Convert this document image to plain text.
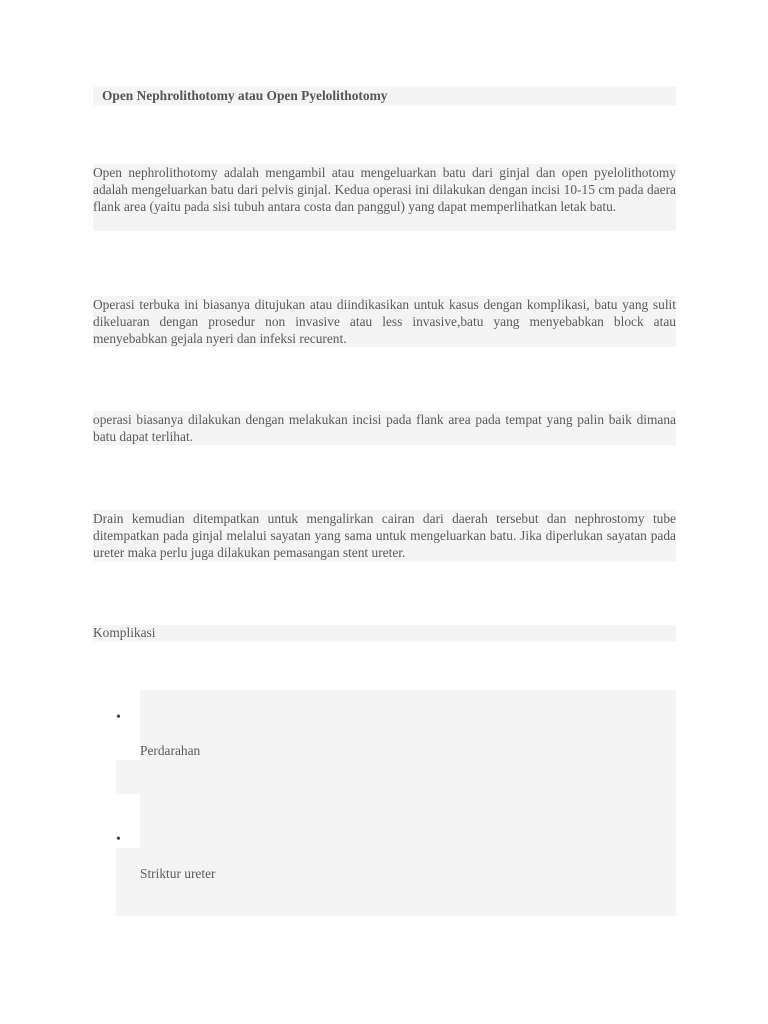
Open Nephrolithotomy atau Open Pyelolithotomy
Open nephrolithotomy adalah mengambil atau mengeluarkan batu dari ginjal dan open pyelolithotomy adalah mengeluarkan batu dari pelvis ginjal. Kedua operasi ini dilakukan dengan incisi 10-15 cm pada daera flank area (yaitu pada sisi tubuh antara costa dan panggul) yang dapat memperlihatkan letak batu.
Operasi terbuka ini biasanya ditujukan atau diindikasikan untuk kasus dengan komplikasi, batu yang sulit dikeluaran dengan prosedur non invasive atau less invasive,batu yang menyebabkan block atau menyebabkan gejala nyeri dan infeksi recurent.
operasi biasanya dilakukan dengan melakukan incisi pada flank area pada tempat yang palin baik dimana batu dapat terlihat.
Drain kemudian ditempatkan untuk mengalirkan cairan dari daerah tersebut dan nephrostomy tube ditempatkan pada ginjal melalui sayatan yang sama untuk mengeluarkan batu. Jika diperlukan sayatan pada ureter maka perlu juga dilakukan pemasangan stent ureter.
Komplikasi
•
Perdarahan
•
Striktur ureter
